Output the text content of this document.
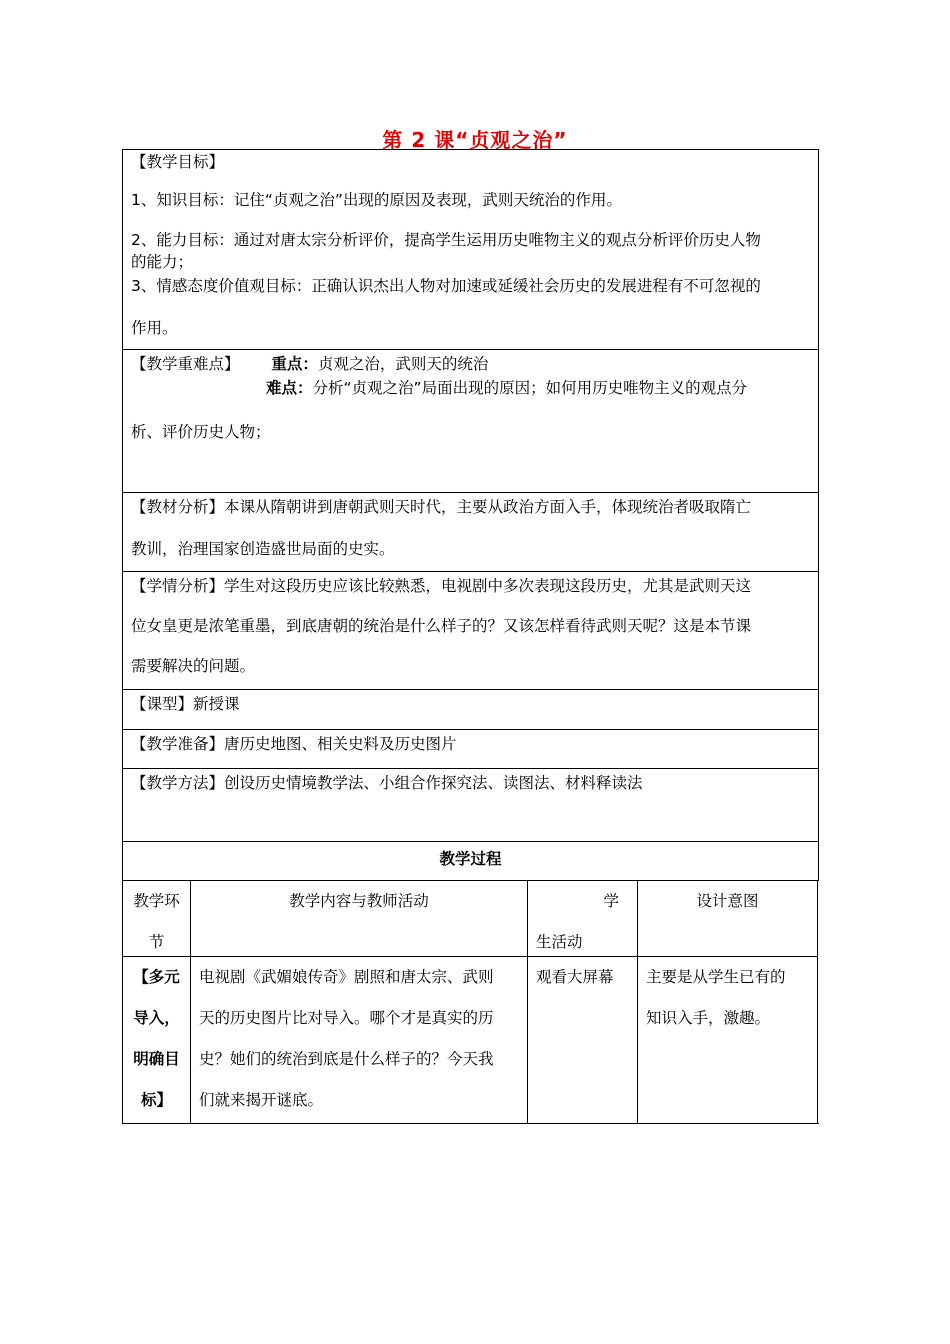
第 2 课“贞观之治”

【教学目标】

1、知识目标：记住“贞观之治”出现的原因及表现，武则天统治的作用。

2、能力目标：通过对唐太宗分析评价，提高学生运用历史唯物主义的观点分析评价历史人物

的能力；

3、情感态度价值观目标：正确认识杰出人物对加速或延缓社会历史的发展进程有不可忽视的

作用。

【教学重难点】 重点：贞观之治，武则天的统治

难点：分析“贞观之治”局面出现的原因；如何用历史唯物主义的观点分

析、评价历史人物；

【教材分析】本课从隋朝讲到唐朝武则天时代，主要从政治方面入手，体现统治者吸取隋亡

教训，治理国家创造盛世局面的史实。

【学情分析】学生对这段历史应该比较熟悉，电视剧中多次表现这段历史，尤其是武则天这

位女皇更是浓笔重墨，到底唐朝的统治是什么样子的？又该怎样看待武则天呢？这是本节课

需要解决的问题。

【课型】新授课

【教学准备】唐历史地图、相关史料及历史图片

【教学方法】创设历史情境教学法、小组合作探究法、读图法、材料释读法

教学过程

教学环
节
教学内容与教师活动	学
生活动
设计意图
【多元
导入，
明确目
标】
电视剧《武媚娘传奇》剧照和唐太宗、武则
天的历史图片比对导入。哪个才是真实的历
史？她们的统治到底是什么样子的？今天我
们就来揭开谜底。
观看大屏幕	主要是从学生已有的
知识入手，激趣。
